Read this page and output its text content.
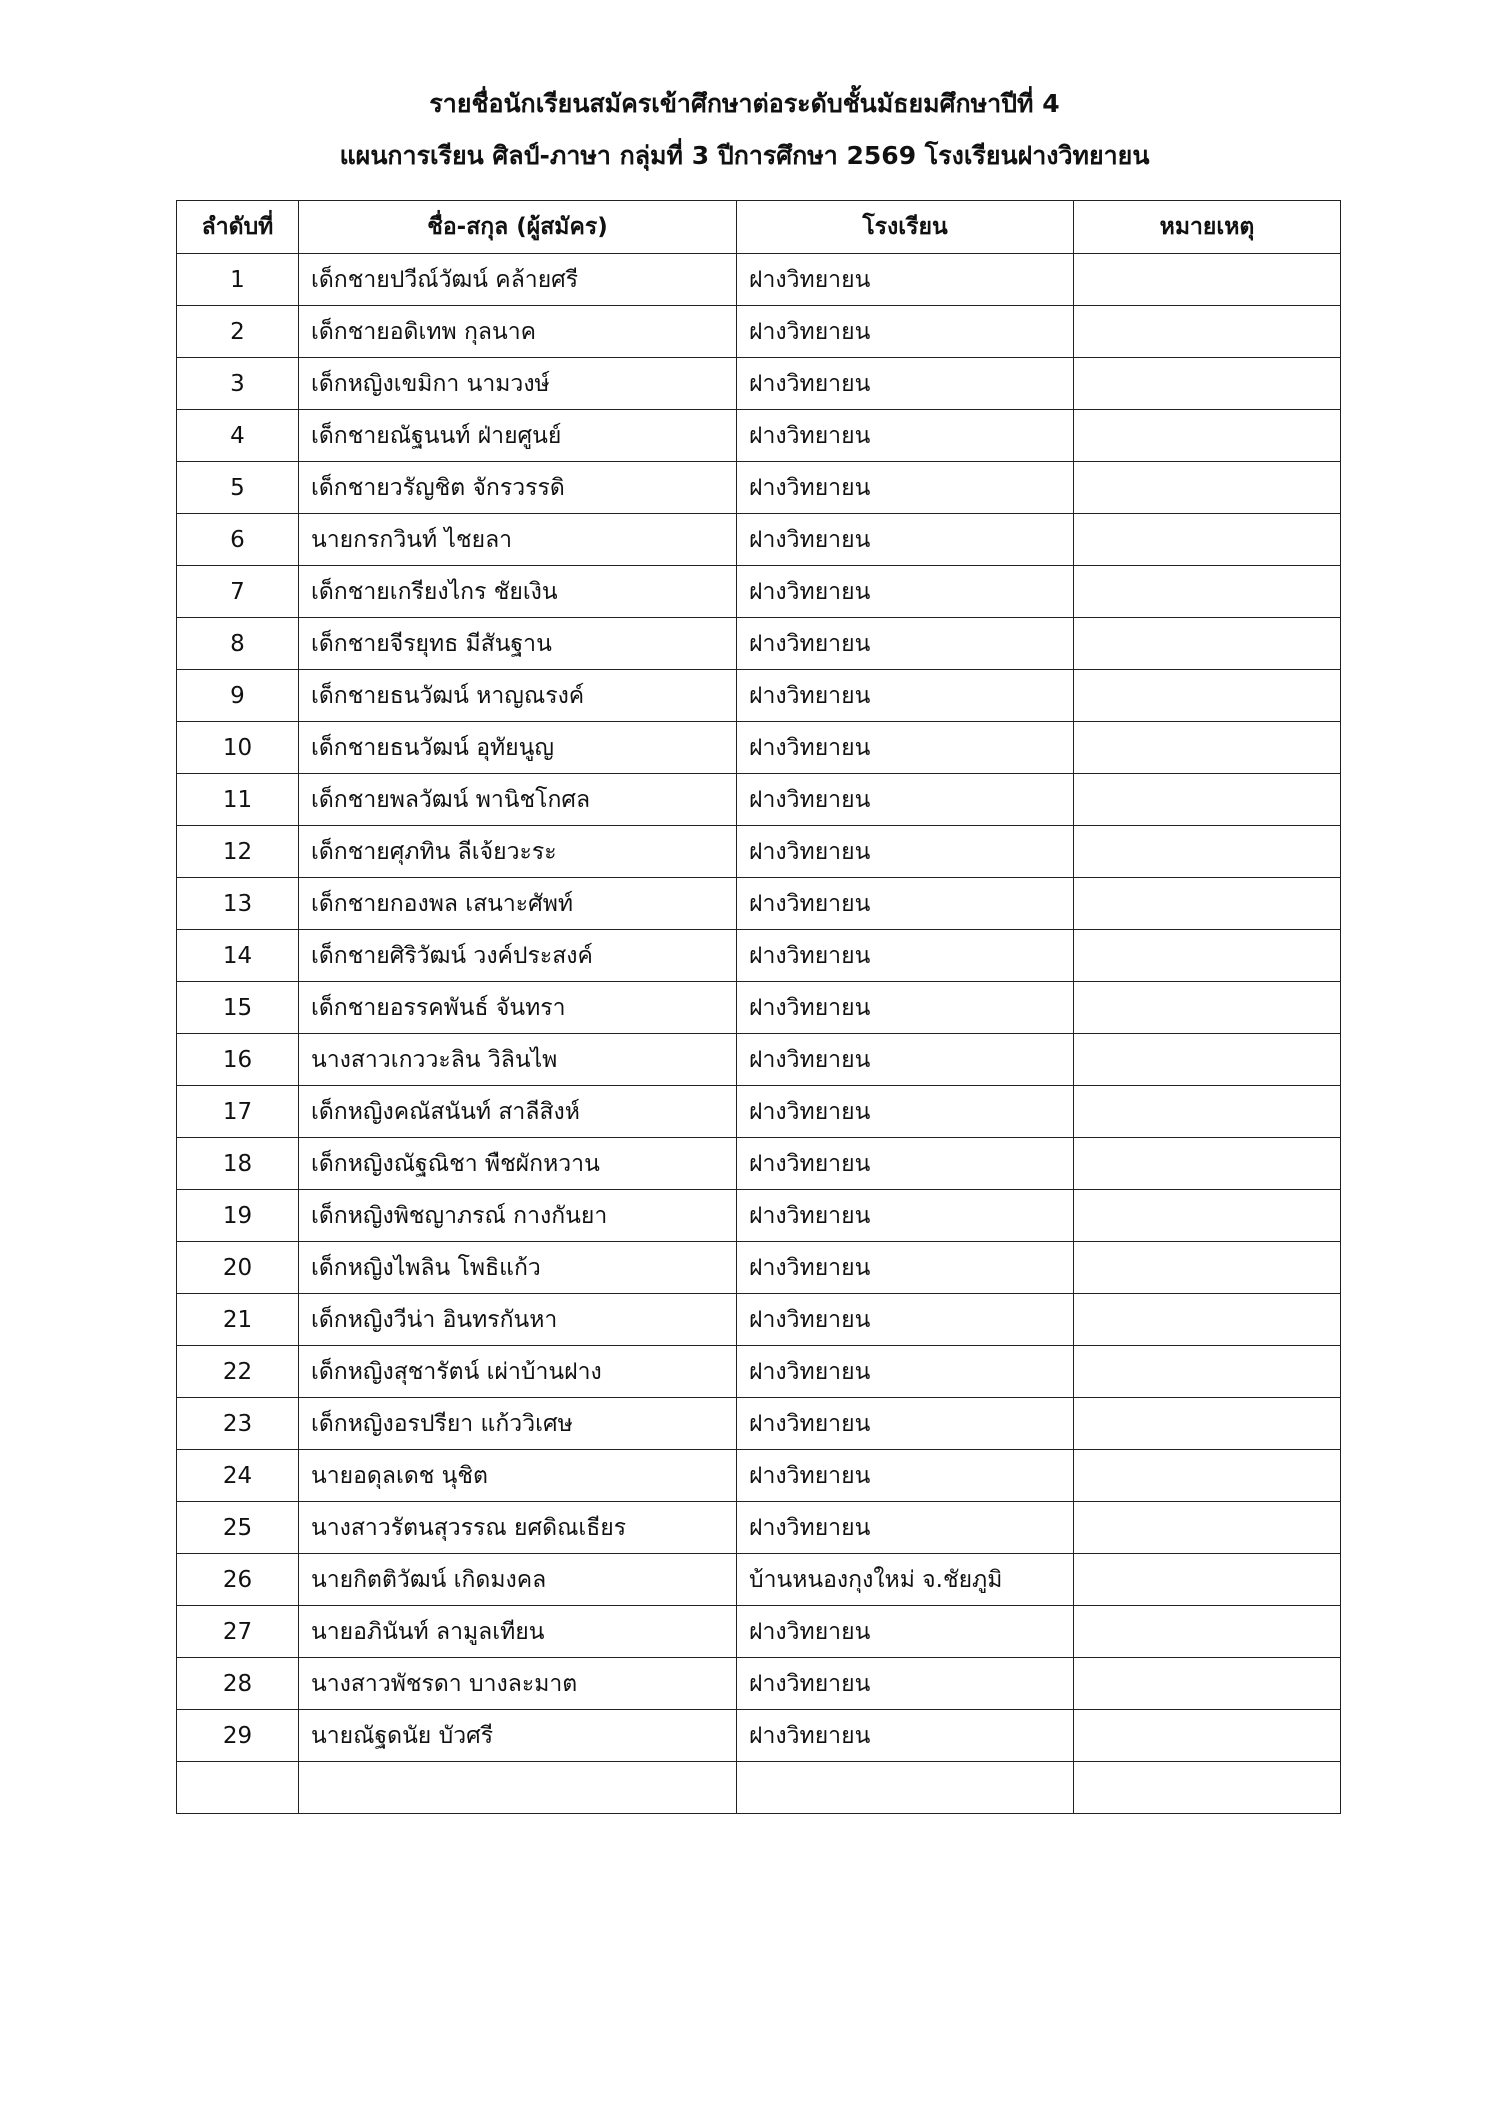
รายชื่อนักเรียนสมัครเข้าศึกษาต่อระดับชั้นมัธยมศึกษาปีที่ 4
แผนการเรียน ศิลป์-ภาษา กลุ่มที่ 3 ปีการศึกษา 2569 โรงเรียนฝางวิทยายน
ลำดับที่	ชื่อ-สกุล (ผู้สมัคร)	โรงเรียน	หมายเหตุ
1	เด็กชายปวีณ์วัฒน์ คล้ายศรี	ฝางวิทยายน	
2	เด็กชายอดิเทพ กุลนาค	ฝางวิทยายน	
3	เด็กหญิงเขมิกา นามวงษ์	ฝางวิทยายน	
4	เด็กชายณัฐนนท์ ฝ่ายศูนย์	ฝางวิทยายน	
5	เด็กชายวรัญชิต จักรวรรดิ	ฝางวิทยายน	
6	นายกรกวินท์ ไชยลา	ฝางวิทยายน	
7	เด็กชายเกรียงไกร ชัยเงิน	ฝางวิทยายน	
8	เด็กชายจีรยุทธ มีสันฐาน	ฝางวิทยายน	
9	เด็กชายธนวัฒน์ หาญณรงค์	ฝางวิทยายน	
10	เด็กชายธนวัฒน์ อุทัยนูญ	ฝางวิทยายน	
11	เด็กชายพลวัฒน์ พานิชโกศล	ฝางวิทยายน	
12	เด็กชายศุภทิน ลีเจ้ยวะระ	ฝางวิทยายน	
13	เด็กชายกองพล เสนาะศัพท์	ฝางวิทยายน	
14	เด็กชายศิริวัฒน์ วงค์ประสงค์	ฝางวิทยายน	
15	เด็กชายอรรคพันธ์ จันทรา	ฝางวิทยายน	
16	นางสาวเกววะลิน วิลินไพ	ฝางวิทยายน	
17	เด็กหญิงคณัสนันท์ สาลีสิงห์	ฝางวิทยายน	
18	เด็กหญิงณัฐณิชา พืชผักหวาน	ฝางวิทยายน	
19	เด็กหญิงพิชญาภรณ์ กางกันยา	ฝางวิทยายน	
20	เด็กหญิงไพลิน โพธิแก้ว	ฝางวิทยายน	
21	เด็กหญิงวีน่า อินทรกันหา	ฝางวิทยายน	
22	เด็กหญิงสุชารัตน์ เผ่าบ้านฝาง	ฝางวิทยายน	
23	เด็กหญิงอรปรียา แก้ววิเศษ	ฝางวิทยายน	
24	นายอดุลเดช นุชิต	ฝางวิทยายน	
25	นางสาวรัตนสุวรรณ ยศดิณเธียร	ฝางวิทยายน	
26	นายกิตติวัฒน์ เกิดมงคล	บ้านหนองกุงใหม่ จ.ชัยภูมิ	
27	นายอภินันท์ ลามูลเทียน	ฝางวิทยายน	
28	นางสาวพัชรดา บางละมาต	ฝางวิทยายน	
29	นายณัฐดนัย บัวศรี	ฝางวิทยายน	
